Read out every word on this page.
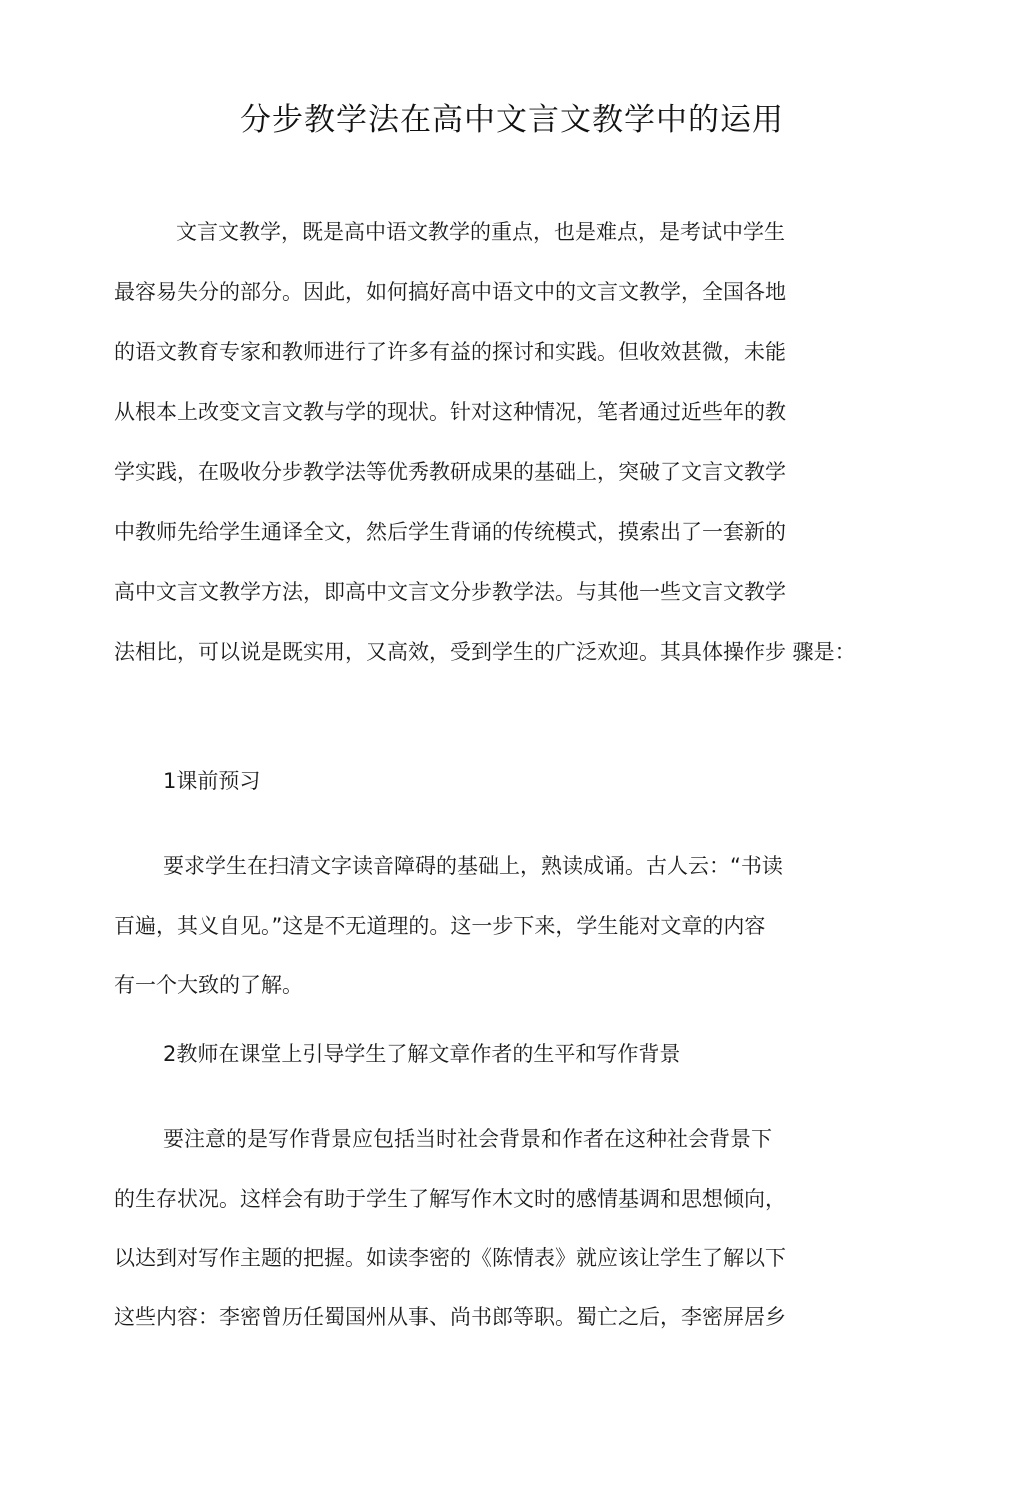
分步教学法在高中文言文教学中的运用
文言文教学，既是高中语文教学的重点，也是难点，是考试中学生
最容易失分的部分。因此，如何搞好高中语文中的文言文教学，全国各地
的语文教育专家和教师进行了许多有益的探讨和实践。但收效甚微，未能
从根本上改变文言文教与学的现状。针对这种情况，笔者通过近些年的教
学实践，在吸收分步教学法等优秀教研成果的基础上，突破了文言文教学
中教师先给学生通译全文，然后学生背诵的传统模式，摸索出了一套新的
高中文言文教学方法，即高中文言文分步教学法。与其他一些文言文教学
法相比，可以说是既实用，又高效，受到学生的广泛欢迎。其具体操作步 骤是：
1课前预习
要求学生在扫清文字读音障碍的基础上，熟读成诵。古人云：“书读
百遍，其义自见。”这是不无道理的。这一步下来，学生能对文章的内容
有一个大致的了解。
2教师在课堂上引导学生了解文章作者的生平和写作背景
要注意的是写作背景应包括当时社会背景和作者在这种社会背景下
的生存状况。这样会有助于学生了解写作木文时的感情基调和思想倾向，
以达到对写作主题的把握。如读李密的《陈情表》就应该让学生了解以下
这些内容：李密曾历任蜀国州从事、尚书郎等职。蜀亡之后，李密屏居乡
